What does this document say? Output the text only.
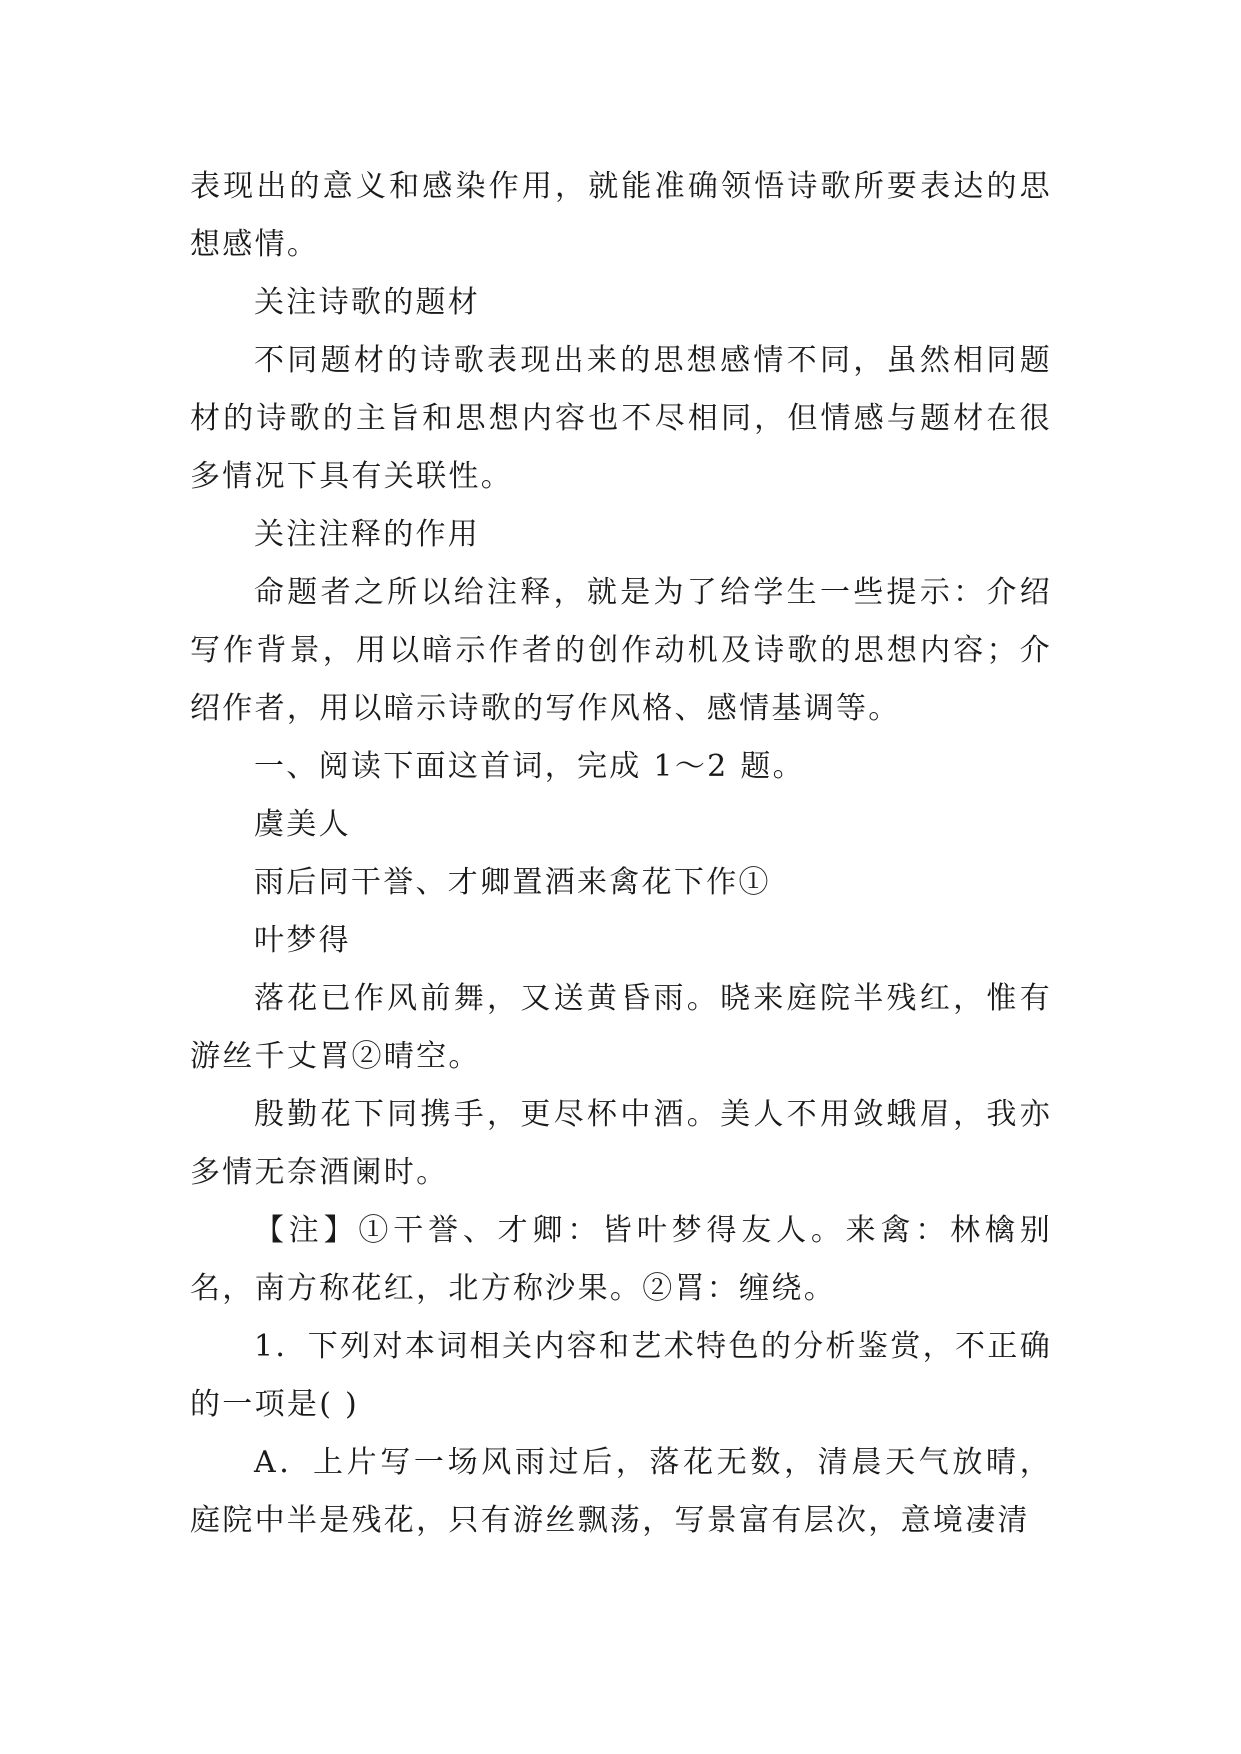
表现出的意义和感染作用，就能准确领悟诗歌所要表达的思想感情。

关注诗歌的题材

不同题材的诗歌表现出来的思想感情不同，虽然相同题材的诗歌的主旨和思想内容也不尽相同，但情感与题材在很多情况下具有关联性。

关注注释的作用

命题者之所以给注释，就是为了给学生一些提示：介绍写作背景，用以暗示作者的创作动机及诗歌的思想内容；介绍作者，用以暗示诗歌的写作风格、感情基调等。

一、阅读下面这首词，完成 1～2 题。

虞美人

雨后同干誉、才卿置酒来禽花下作①

叶梦得

落花已作风前舞，又送黄昏雨。晓来庭院半残红，惟有游丝千丈罥②晴空。

殷勤花下同携手，更尽杯中酒。美人不用敛蛾眉，我亦多情无奈酒阑时。

【注】①干誉、才卿：皆叶梦得友人。来禽：林檎别名，南方称花红，北方称沙果。②罥：缠绕。

1．下列对本词相关内容和艺术特色的分析鉴赏，不正确的一项是( )

A．上片写一场风雨过后，落花无数，清晨天气放晴，庭院中半是残花，只有游丝飘荡，写景富有层次，意境凄清
